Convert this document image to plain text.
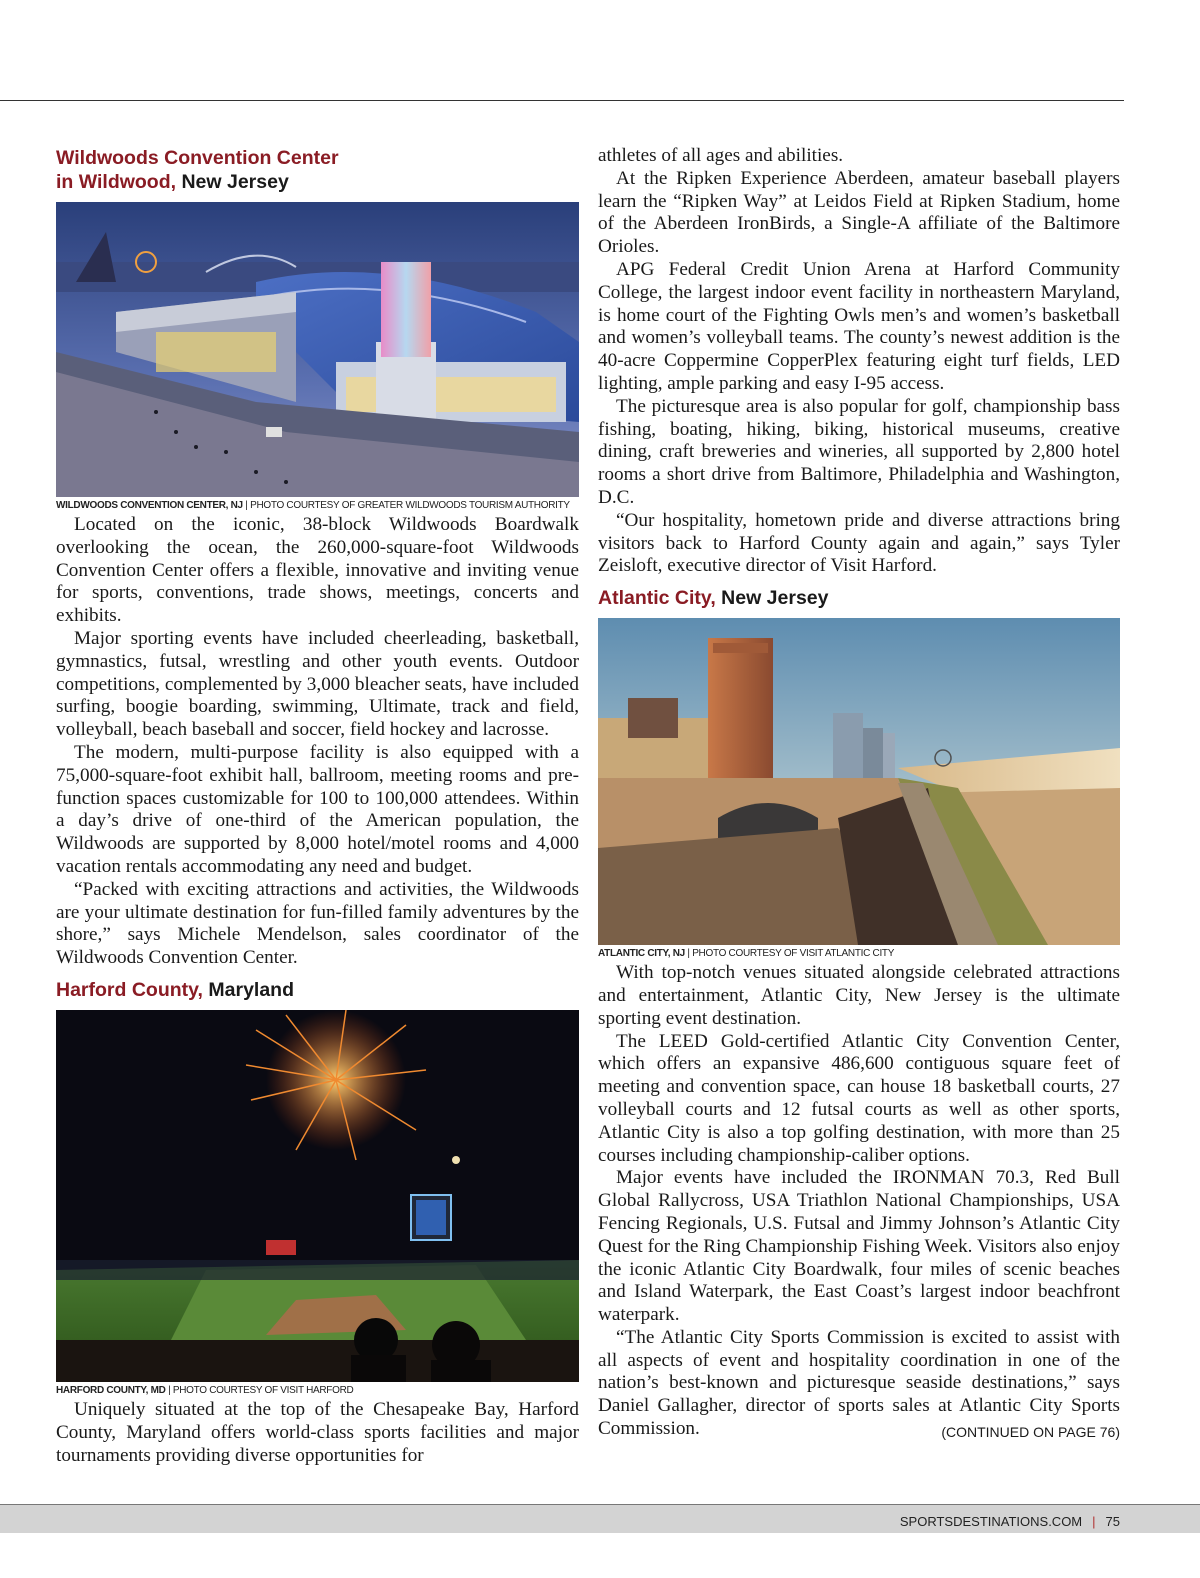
Wildwoods Convention Center
in Wildwood, New Jersey
WILDWOODS CONVENTION CENTER, NJ | PHOTO COURTESY OF GREATER WILDWOODS TOURISM AUTHORITY

Located on the iconic, 38-block Wildwoods Boardwalk overlooking the ocean, the 260,000-square-foot Wildwoods Convention Center offers a flexible, innovative and inviting venue for sports, conventions, trade shows, meetings, concerts and exhibits.

Major sporting events have included cheerleading, basketball, gymnastics, futsal, wrestling and other youth events. Outdoor competitions, complemented by 3,000 bleacher seats, have included surfing, boogie boarding, swimming, Ultimate, track and field, volleyball, beach baseball and soccer, field hockey and lacrosse.

The modern, multi-purpose facility is also equipped with a 75,000-square-foot exhibit hall, ballroom, meeting rooms and pre-function spaces customizable for 100 to 100,000 attendees. Within a day’s drive of one-third of the American population, the Wildwoods are supported by 8,000 hotel/motel rooms and 4,000 vacation rentals accommodating any need and budget.

“Packed with exciting attractions and activities, the Wildwoods are your ultimate destination for fun-filled family adventures by the shore,” says Michele Mendelson, sales coordinator of the Wildwoods Convention Center.

Harford County, Maryland
HARFORD COUNTY, MD | PHOTO COURTESY OF VISIT HARFORD

Uniquely situated at the top of the Chesapeake Bay, Harford County, Maryland offers world-class sports facilities and major tournaments providing diverse opportunities for

athletes of all ages and abilities.

At the Ripken Experience Aberdeen, amateur baseball players learn the “Ripken Way” at Leidos Field at Ripken Stadium, home of the Aberdeen IronBirds, a Single-A affiliate of the Baltimore Orioles.

APG Federal Credit Union Arena at Harford Community College, the largest indoor event facility in northeastern Maryland, is home court of the Fighting Owls men’s and women’s basketball and women’s volleyball teams. The county’s newest addition is the 40-acre Coppermine CopperPlex featuring eight turf fields, LED lighting, ample parking and easy I-95 access.

The picturesque area is also popular for golf, championship bass fishing, boating, hiking, biking, historical museums, creative dining, craft breweries and wineries, all supported by 2,800 hotel rooms a short drive from Baltimore, Philadelphia and Washington, D.C.

“Our hospitality, hometown pride and diverse attractions bring visitors back to Harford County again and again,” says Tyler Zeisloft, executive director of Visit Harford.

Atlantic City, New Jersey
ATLANTIC CITY, NJ | PHOTO COURTESY OF VISIT ATLANTIC CITY

With top-notch venues situated alongside celebrated attractions and entertainment, Atlantic City, New Jersey is the ultimate sporting event destination.

The LEED Gold-certified Atlantic City Convention Center, which offers an expansive 486,600 contiguous square feet of meeting and convention space, can house 18 basketball courts, 27 volleyball courts and 12 futsal courts as well as other sports, Atlantic City is also a top golfing destination, with more than 25 courses including championship-caliber options.

Major events have included the IRONMAN 70.3, Red Bull Global Rallycross, USA Triathlon National Championships, USA Fencing Regionals, U.S. Futsal and Jimmy Johnson’s Atlantic City Quest for the Ring Championship Fishing Week. Visitors also enjoy the iconic Atlantic City Boardwalk, four miles of scenic beaches and Island Waterpark, the East Coast’s largest indoor beachfront waterpark.

“The Atlantic City Sports Commission is excited to assist with all aspects of event and hospitality coordination in one of the nation’s best-known and picturesque seaside destinations,” says Daniel Gallagher, director of sports sales at Atlantic City Sports Commission.	(CONTINUED ON PAGE 76)

SPORTSDESTINATIONS.COM | 75
